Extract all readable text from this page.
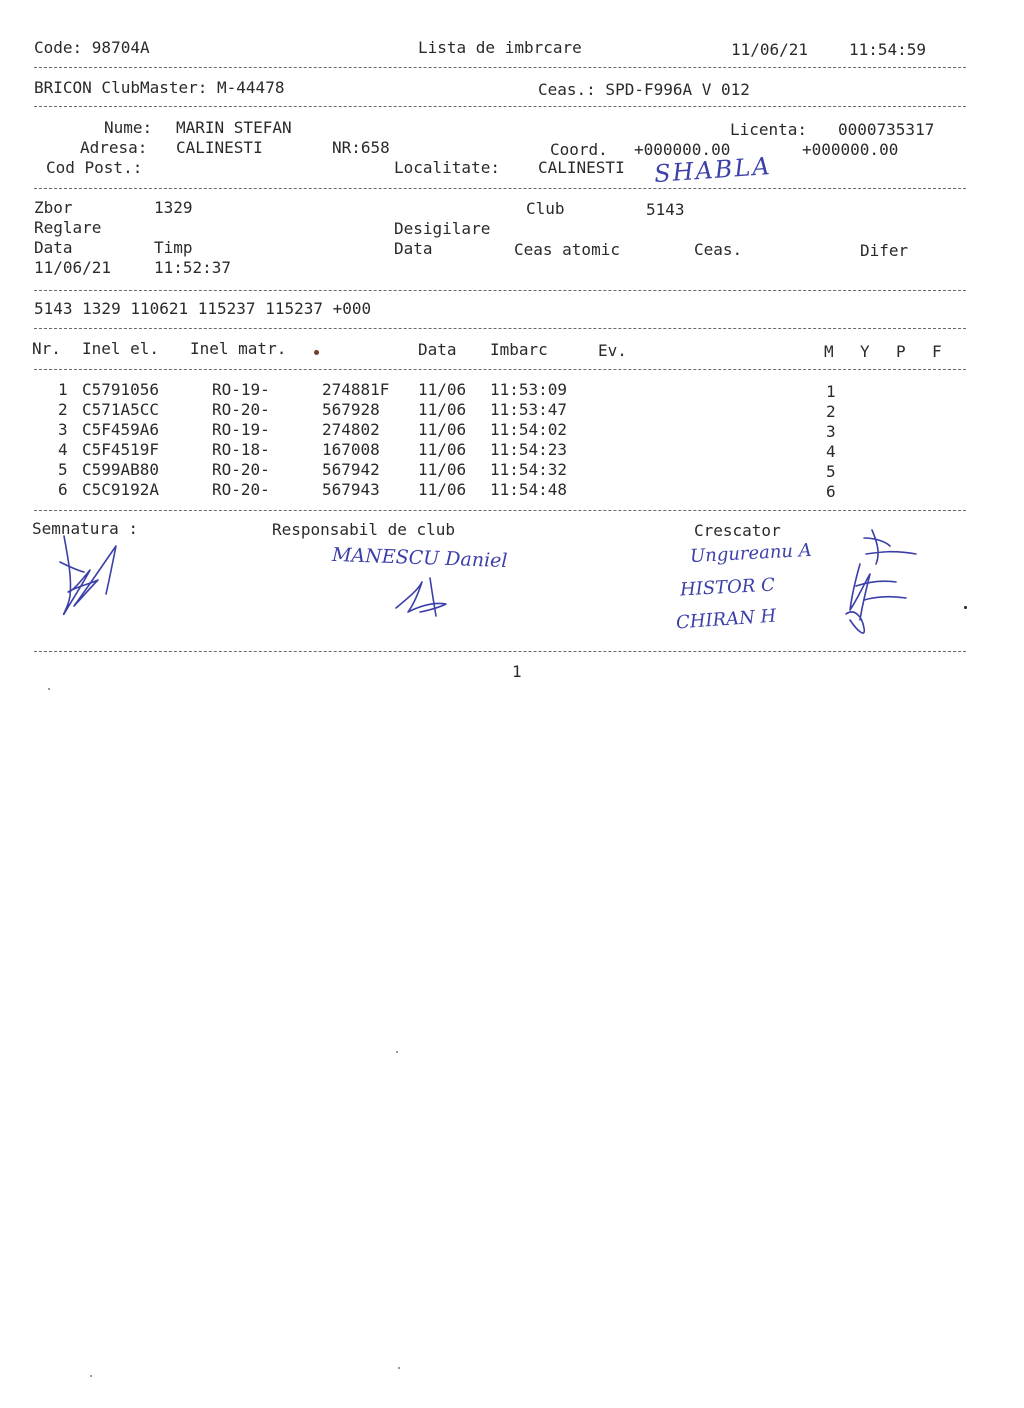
Code: 98704A	Lista de imbrcare	11/06/21	11:54:59
BRICON ClubMaster: M-44478	Ceas.: SPD-F996A V 012
Nume: MARIN STEFAN	Licenta: 0000735317
Adresa: CALINESTI	NR:658	Coord. +000000.00	+000000.00
Cod Post.:	Localitate: CALINESTI SHABLA
Zbor	1329	Club	5143
Reglare	Desigilare
Data	Timp	Data	Ceas atomic	Ceas.	Difer
11/06/21	11:52:37
5143 1329 110621 115237 115237 +000
Nr. Inel el. Inel matr.	Data Imbarc	Ev.	M Y P F
1 C5791056	RO-19-	274881F 11/06 11:53:09	1
2 C571A5CC	RO-20-	567928 11/06 11:53:47	2
3 C5F459A6	RO-19-	274802 11/06 11:54:02	3
4 C5F4519F	RO-18-	167008 11/06 11:54:23	4
5 C599AB80	RO-20-	567942 11/06 11:54:32	5
6 C5C9192A	RO-20-	567943 11/06 11:54:48	6
Semnatura :	Responsabil de club	Crescator
MANESCU Daniel	Ungureanu A
HISTOR C
CHIRAN H
1
